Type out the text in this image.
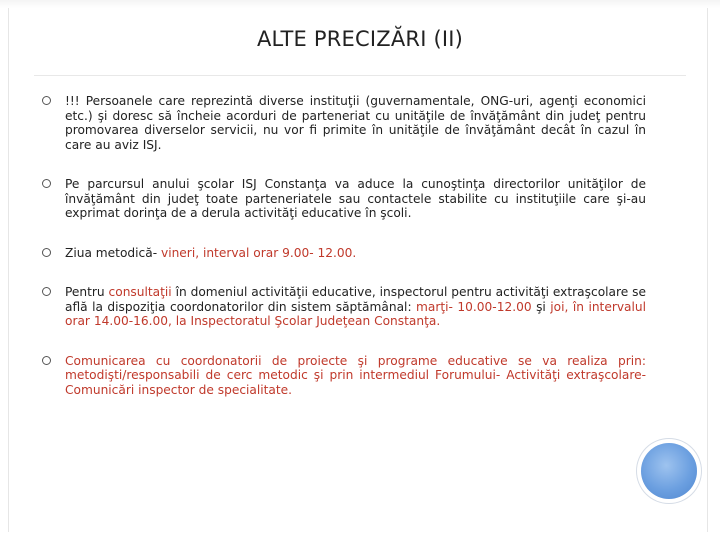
ALTE PRECIZĂRI (II)
!!! Persoanele care reprezintă diverse instituţii (guvernamentale, ONG-uri, agenţi economici etc.) şi doresc să încheie acorduri de parteneriat cu unităţile de învăţământ din judeţ pentru promovarea diverselor servicii, nu vor fi primite în unităţile de învăţământ decât în cazul în care au aviz ISJ.
Pe parcursul anului şcolar ISJ Constanţa va aduce la cunoştinţa directorilor unităţilor de învăţământ din judeţ toate parteneriatele sau contactele stabilite cu instituţiile care şi-au exprimat dorinţa de a derula activităţi educative în şcoli.
Ziua metodică- vineri, interval orar 9.00- 12.00.
Pentru consultaţii în domeniul activităţii educative, inspectorul pentru activităţi extraşcolare se află la dispoziţia coordonatorilor din sistem săptămânal: marţi- 10.00-12.00 şi joi, în intervalul orar 14.00-16.00, la Inspectoratul Şcolar Judeţean Constanţa.
Comunicarea cu coordonatorii de proiecte şi programe educative se va realiza prin: metodişti/responsabili de cerc metodic şi prin intermediul Forumului- Activităţi extraşcolare- Comunicări inspector de specialitate.
